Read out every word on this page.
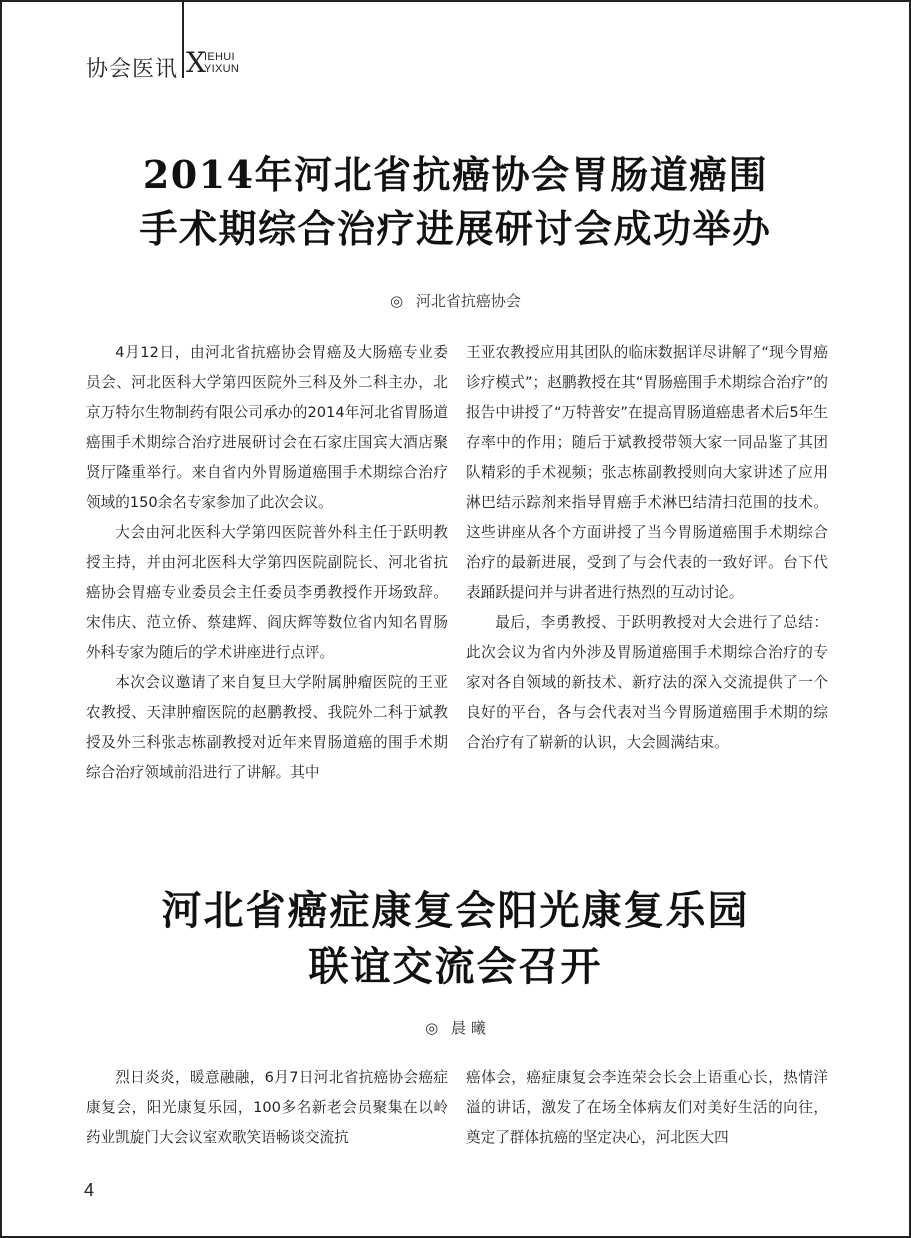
协会医讯 X
IEHUI
YIXUN
2014年河北省抗癌协会胃肠道癌围
手术期综合治疗进展研讨会成功举办
◎ 河北省抗癌协会

4月12日，由河北省抗癌协会胃癌及大肠癌专业委员会、河北医科大学第四医院外三科及外二科主办，北京万特尔生物制药有限公司承办的2014年河北省胃肠道癌围手术期综合治疗进展研讨会在石家庄国宾大酒店聚贤厅隆重举行。来自省内外胃肠道癌围手术期综合治疗领域的150余名专家参加了此次会议。

大会由河北医科大学第四医院普外科主任于跃明教授主持，并由河北医科大学第四医院副院长、河北省抗癌协会胃癌专业委员会主任委员李勇教授作开场致辞。宋伟庆、范立侨、蔡建辉、阎庆辉等数位省内知名胃肠外科专家为随后的学术讲座进行点评。

本次会议邀请了来自复旦大学附属肿瘤医院的王亚农教授、天津肿瘤医院的赵鹏教授、我院外二科于斌教授及外三科张志栋副教授对近年来胃肠道癌的围手术期综合治疗领域前沿进行了讲解。其中

王亚农教授应用其团队的临床数据详尽讲解了“现今胃癌诊疗模式”；赵鹏教授在其“胃肠癌围手术期综合治疗”的报告中讲授了“万特普安”在提高胃肠道癌患者术后5年生存率中的作用；随后于斌教授带领大家一同品鉴了其团队精彩的手术视频；张志栋副教授则向大家讲述了应用淋巴结示踪剂来指导胃癌手术淋巴结清扫范围的技术。这些讲座从各个方面讲授了当今胃肠道癌围手术期综合治疗的最新进展，受到了与会代表的一致好评。台下代表踊跃提问并与讲者进行热烈的互动讨论。

最后，李勇教授、于跃明教授对大会进行了总结：此次会议为省内外涉及胃肠道癌围手术期综合治疗的专家对各自领域的新技术、新疗法的深入交流提供了一个良好的平台，各与会代表对当今胃肠道癌围手术期的综合治疗有了崭新的认识，大会圆满结束。

河北省癌症康复会阳光康复乐园
联谊交流会召开
◎ 晨 曦

烈日炎炎，暖意融融，6月7日河北省抗癌协会癌症康复会，阳光康复乐园，100多名新老会员聚集在以岭药业凯旋门大会议室欢歌笑语畅谈交流抗

癌体会，癌症康复会李连荣会长会上语重心长，热情洋溢的讲话，激发了在场全体病友们对美好生活的向往，奠定了群体抗癌的坚定决心，河北医大四

4
